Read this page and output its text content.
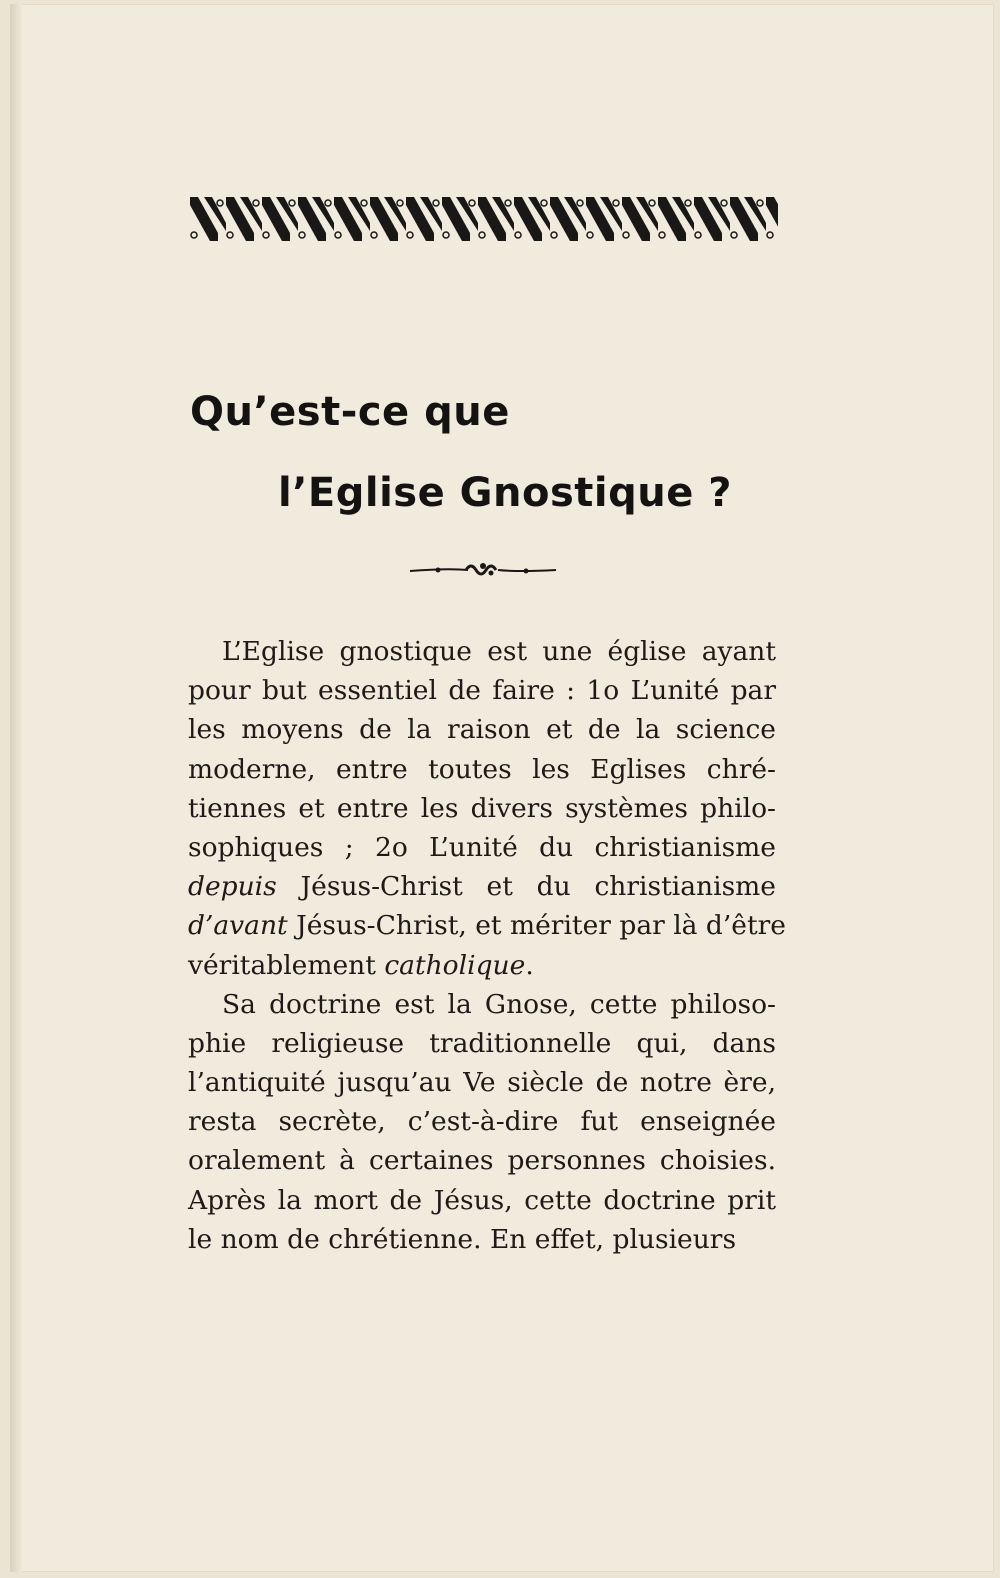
Qu’est-ce que
l’Eglise Gnostique ?
L’Eglise gnostique est une église ayant
pour but essentiel de faire : 1o L’unité par
les moyens de la raison et de la science
moderne, entre toutes les Eglises chré-
tiennes et entre les divers systèmes philo-
sophiques ; 2o L’unité du christianisme
depuis Jésus-Christ et du christianisme
d’avant Jésus-Christ, et mériter par là d’être
véritablement catholique.
Sa doctrine est la Gnose, cette philoso-
phie religieuse traditionnelle qui, dans
l’antiquité jusqu’au Ve siècle de notre ère,
resta secrète, c’est-à-dire fut enseignée
oralement à certaines personnes choisies.
Après la mort de Jésus, cette doctrine prit
le nom de chrétienne. En effet, plusieurs
